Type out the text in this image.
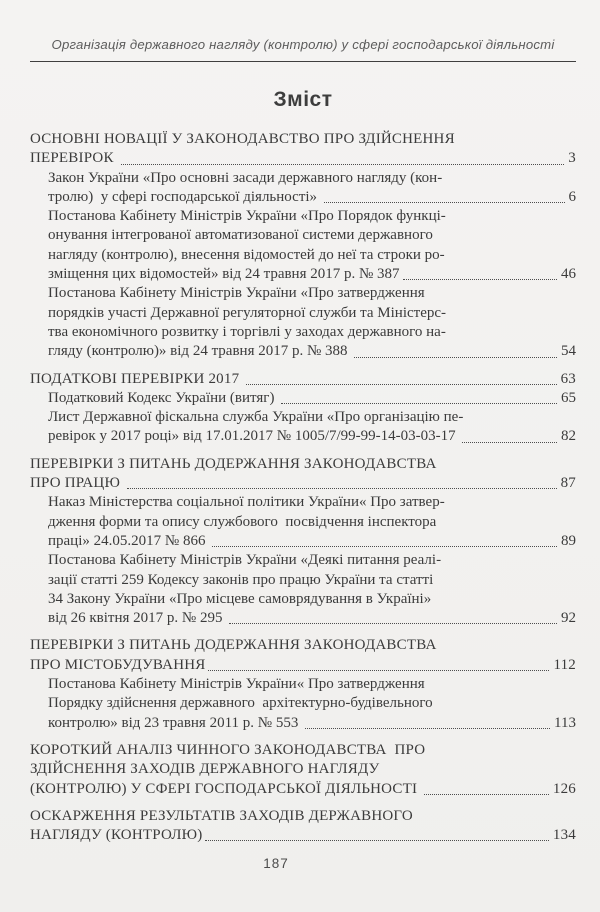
Організація державного нагляду (контролю) у сфері господарської діяльності
Зміст
ОСНОВНІ НОВАЦІЇ У ЗАКОНОДАВСТВО ПРО ЗДІЙСНЕННЯ
ПЕРЕВІРОК	3
Закон України «Про основні засади державного нагляду (кон-
тролю)  у сфері господарської діяльності»	6
Постанова Кабінету Міністрів України «Про Порядок функці-
онування інтегрованої автоматизованої системи державного
нагляду (контролю), внесення відомостей до неї та строки ро-
зміщення цих відомостей» від 24 травня 2017 р. № 387	46
Постанова Кабінету Міністрів України «Про затвердження
порядків участі Державної регуляторної служби та Міністерс-
тва економічного розвитку і торгівлі у заходах державного на-
гляду (контролю)» від 24 травня 2017 р. № 388	54
ПОДАТКОВІ ПЕРЕВІРКИ 2017	63
Податковий Кодекс України (витяг)	65
Лист Державної фіскальна служба України «Про організацію пе-
ревірок у 2017 році» від 17.01.2017 № 1005/7/99-99-14-03-03-17	82
ПЕРЕВІРКИ З ПИТАНЬ ДОДЕРЖАННЯ ЗАКОНОДАВСТВА
ПРО ПРАЦЮ	87
Наказ Міністерства соціальної політики України« Про затвер-
дження форми та опису службового  посвідчення інспектора
праці» 24.05.2017 № 866	89
Постанова Кабінету Міністрів України «Деякі питання реалі-
зації статті 259 Кодексу законів про працю України та статті
34 Закону України «Про місцеве самоврядування в Україні»
від 26 квітня 2017 р. № 295	92
ПЕРЕВІРКИ З ПИТАНЬ ДОДЕРЖАННЯ ЗАКОНОДАВСТВА
ПРО МІСТОБУДУВАННЯ	112
Постанова Кабінету Міністрів України« Про затвердження
Порядку здійснення державного  архітектурно-будівельного
контролю» від 23 травня 2011 р. № 553	113
КОРОТКИЙ АНАЛІЗ ЧИННОГО ЗАКОНОДАВСТВА  ПРО
ЗДІЙСНЕННЯ ЗАХОДІВ ДЕРЖАВНОГО НАГЛЯДУ
(КОНТРОЛЮ) У СФЕРІ ГОСПОДАРСЬКОЇ ДІЯЛЬНОСТІ	126
ОСКАРЖЕННЯ РЕЗУЛЬТАТІВ ЗАХОДІВ ДЕРЖАВНОГО
НАГЛЯДУ (КОНТРОЛЮ)	134
187
